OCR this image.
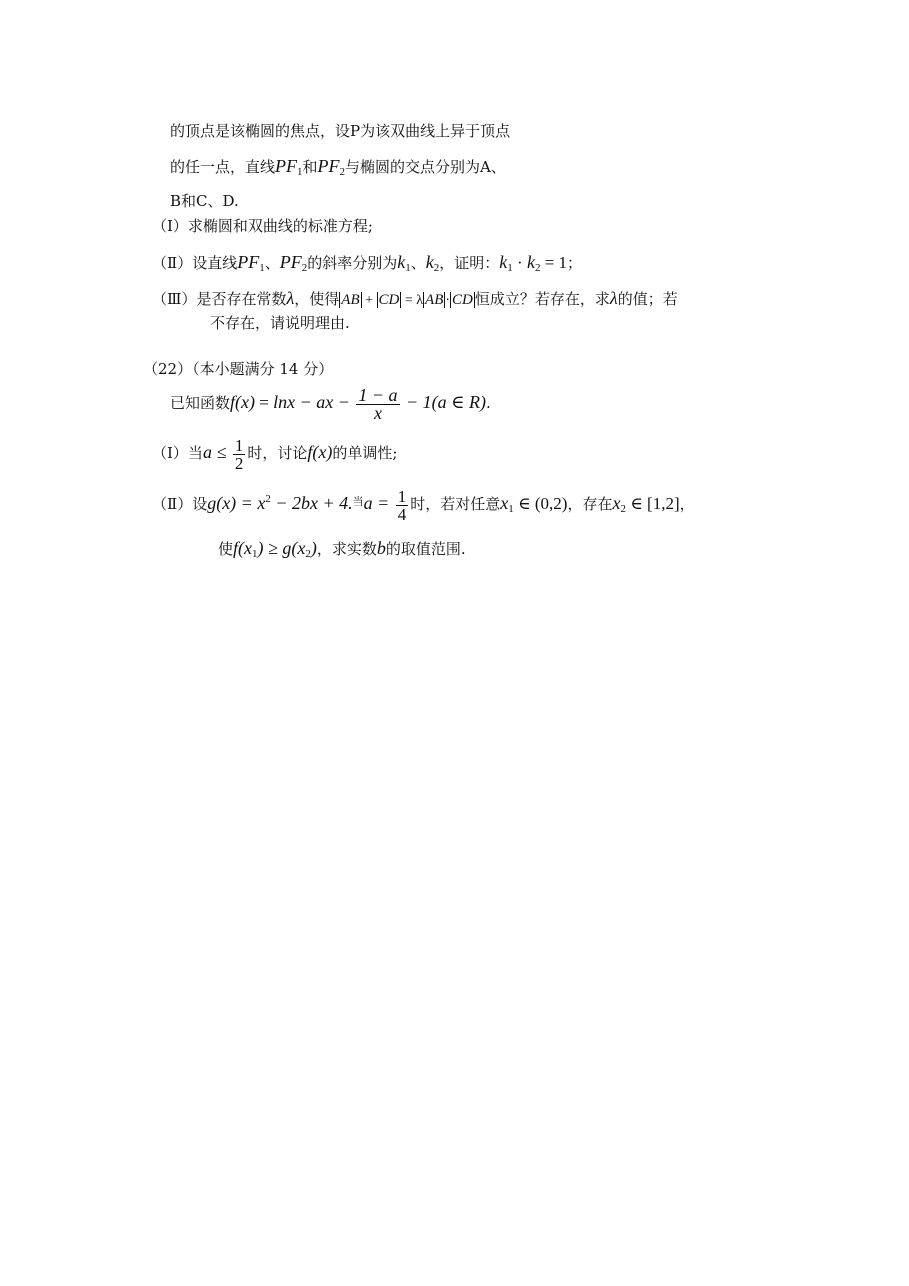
的顶点是该椭圆的焦点，设P为该双曲线上异于顶点
的任一点，直线$PF_1$和$PF_2$与椭圆的交点分别为A、
B和C、D.
（Ⅰ）求椭圆和双曲线的标准方程;
（Ⅱ）设直线$PF_1$、$PF_2$的斜率分别为$k_1$、$k_2$，证明：$k_1 \cdot k_2 = 1$；
（Ⅲ）是否存在常数λ，使得 AB + CD = λ AB · CD 恒成立？若存在，求λ的值；若
不存在，请说明理由.
（22）（本小题满分 14 分）
已知函数f(x) = lnx − ax − $\frac{1 - a}{x} - 1(a$ ∈ R).
（Ⅰ）当$a \le \frac{1}{2}$ 时，讨论f(x)的单调性;
（Ⅱ）设$g(x) = x^2 - 2bx + 4.^当a = \frac{1}{4}$ 时，若对任意$x_1$ ∈ (0,2)，存在$x_2$ ∈ [1,2]，
使$f(x_1) \ge g(x_2)$，求实数b的取值范围.
